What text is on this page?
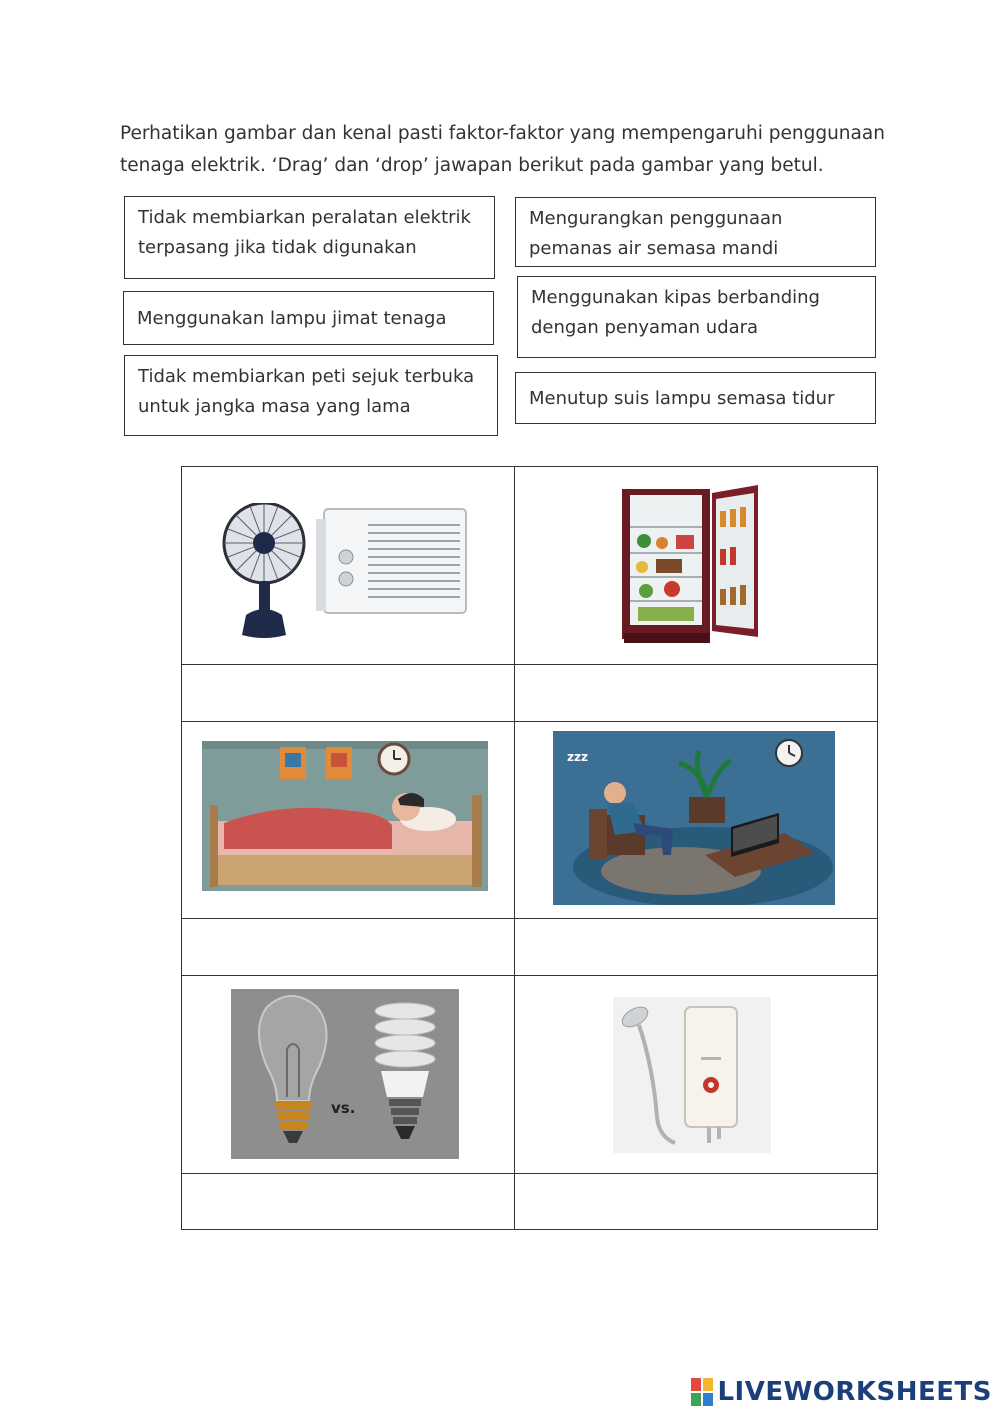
Perhatikan gambar dan kenal pasti faktor-faktor yang mempengaruhi penggunaan
tenaga elektrik. ‘Drag’ dan ‘drop’ jawapan berikut pada gambar yang betul.
Tidak membiarkan peralatan elektrik terpasang jika tidak digunakan
Mengurangkan penggunaan pemanas air semasa mandi
Menggunakan lampu jimat tenaga
Menggunakan kipas berbanding dengan penyaman udara
Tidak membiarkan peti sejuk terbuka untuk jangka masa yang lama	Menutup suis lampu semasa tidur
zzz
vs.
LIVEWORKSHEETS
